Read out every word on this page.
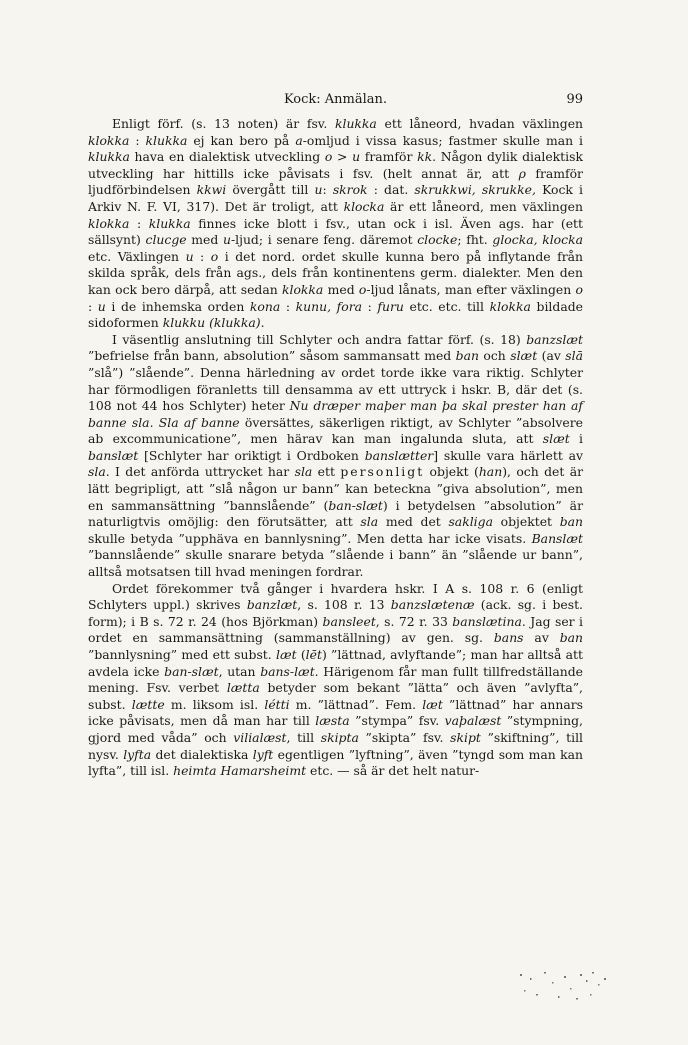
Kock: Anmälan.	99

Enligt förf. (s. 13 noten) är fsv. klukka ett låneord, hvadan växlingen klokka : klukka ej kan bero på a-omljud i vissa kasus; fastmer skulle man i klukka hava en dialektisk utveckling o > u framför kk. Någon dylik dialektisk utveckling har hittills icke påvisats i fsv. (helt annat är, att ρ framför ljudförbindelsen kkwi övergått till u: skrok : dat. skrukkwi, skrukke, Kock i Arkiv N. F. VI, 317). Det är troligt, att klocka är ett låneord, men växlingen klokka : klukka finnes icke blott i fsv., utan ock i isl. Även ags. har (ett sällsynt) clucge med u-ljud; i senare feng. däremot clocke; fht. glocka, klocka etc. Växlingen u : o i det nord. ordet skulle kunna bero på inflytande från skilda språk, dels från ags., dels från kontinentens germ. dialekter. Men den kan ock bero därpå, att sedan klokka med o-ljud lånats, man efter växlingen o : u i de inhemska orden kona : kunu, fora : furu etc. etc. till klokka bildade sidoformen klukku (klukka).

I väsentlig anslutning till Schlyter och andra fattar förf. (s. 18) banzslæt ”befrielse från bann, absolution” såsom sammansatt med ban och slæt (av slā ”slå”) ”slående”. Denna härledning av ordet torde ikke vara riktig. Schlyter har förmodligen föranletts till densamma av ett uttryck i hskr. B, där det (s. 108 not 44 hos Schlyter) heter Nu dræper maþer man þa skal prester han af banne sla. Sla af banne översättes, säkerligen riktigt, av Schlyter ”absolvere ab excommunicatione”, men härav kan man ingalunda sluta, att slæt i banslæt [Schlyter har oriktigt i Ordboken banslætter] skulle vara härlett av sla. I det anförda uttrycket har sla ett personligt objekt (han), och det är lätt begripligt, att ”slå någon ur bann” kan beteckna ”giva absolution”, men en sammansättning ”bannslående” (ban-slæt) i betydelsen ”absolution” är naturligtvis omöjlig: den förutsätter, att sla med det sakliga objektet ban skulle betyda ”upphäva en bannlysning”. Men detta har icke visats. Banslæt ”bannslående” skulle snarare betyda ”slående i bann” än ”slående ur bann”, alltså motsatsen till hvad meningen fordrar.

Ordet förekommer två gånger i hvardera hskr. I A s. 108 r. 6 (enligt Schlyters uppl.) skrives banzlæt, s. 108 r. 13 banzslætenæ (ack. sg. i best. form); i B s. 72 r. 24 (hos Björkman) bansleet, s. 72 r. 33 banslætina. Jag ser i ordet en sammansättning (sammanställning) av gen. sg. bans av ban ”bannlysning” med ett subst. læt (lēt) ”lättnad, avlyftande”; man har alltså att avdela icke ban-slæt, utan bans-læt. Härigenom får man fullt tillfredställande mening. Fsv. verbet lætta betyder som bekant ”lätta” och även ”avlyfta”, subst. lætte m. liksom isl. létti m. ”lättnad”. Fem. læt ”lättnad” har annars icke påvisats, men då man har till læsta ”stympa” fsv. vaþalæst ”stympning, gjord med våda” och vilialæst, till skipta ”skipta” fsv. skipt ”skiftning”, till nysv. lyfta det dialektiska lyft egentligen ”lyftning”, även ”tyngd som man kan lyfta”, till isl. heimta Hamarsheimt etc. — så är det helt natur-
